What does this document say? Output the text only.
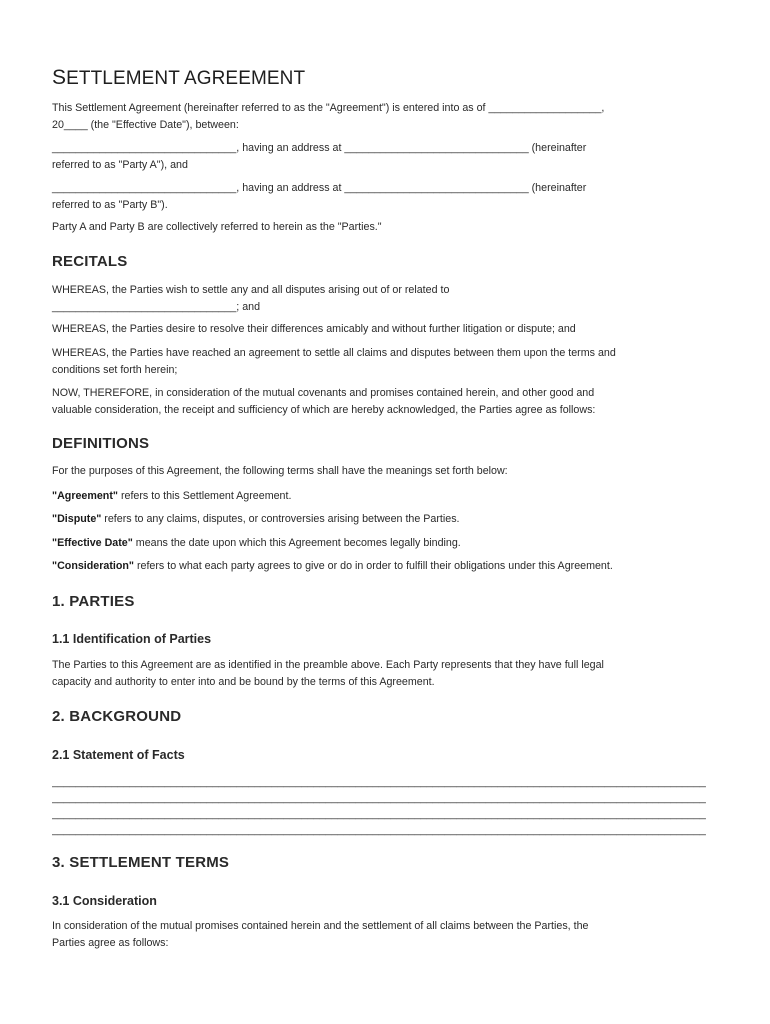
SETTLEMENT AGREEMENT

This Settlement Agreement (hereinafter referred to as the "Agreement") is entered into as of ___________________,

20____ (the "Effective Date"), between:

_______________________________, having an address at _______________________________ (hereinafter

referred to as "Party A"), and

_______________________________, having an address at _______________________________ (hereinafter

referred to as "Party B").

Party A and Party B are collectively referred to herein as the "Parties."

RECITALS

WHEREAS, the Parties wish to settle any and all disputes arising out of or related to

_______________________________; and

WHEREAS, the Parties desire to resolve their differences amicably and without further litigation or dispute; and

WHEREAS, the Parties have reached an agreement to settle all claims and disputes between them upon the terms and

conditions set forth herein;

NOW, THEREFORE, in consideration of the mutual covenants and promises contained herein, and other good and

valuable consideration, the receipt and sufficiency of which are hereby acknowledged, the Parties agree as follows:

DEFINITIONS

For the purposes of this Agreement, the following terms shall have the meanings set forth below:

"Agreement" refers to this Settlement Agreement.

"Dispute" refers to any claims, disputes, or controversies arising between the Parties.

"Effective Date" means the date upon which this Agreement becomes legally binding.

"Consideration" refers to what each party agrees to give or do in order to fulfill their obligations under this Agreement.

1. PARTIES
1.1 Identification of Parties

The Parties to this Agreement are as identified in the preamble above. Each Party represents that they have full legal

capacity and authority to enter into and be bound by the terms of this Agreement.

2. BACKGROUND
2.1 Statement of Facts
______________________________________________________________________________________________________________
______________________________________________________________________________________________________________
______________________________________________________________________________________________________________
______________________________________________________________________________________________________________
3. SETTLEMENT TERMS
3.1 Consideration

In consideration of the mutual promises contained herein and the settlement of all claims between the Parties, the

Parties agree as follows:
